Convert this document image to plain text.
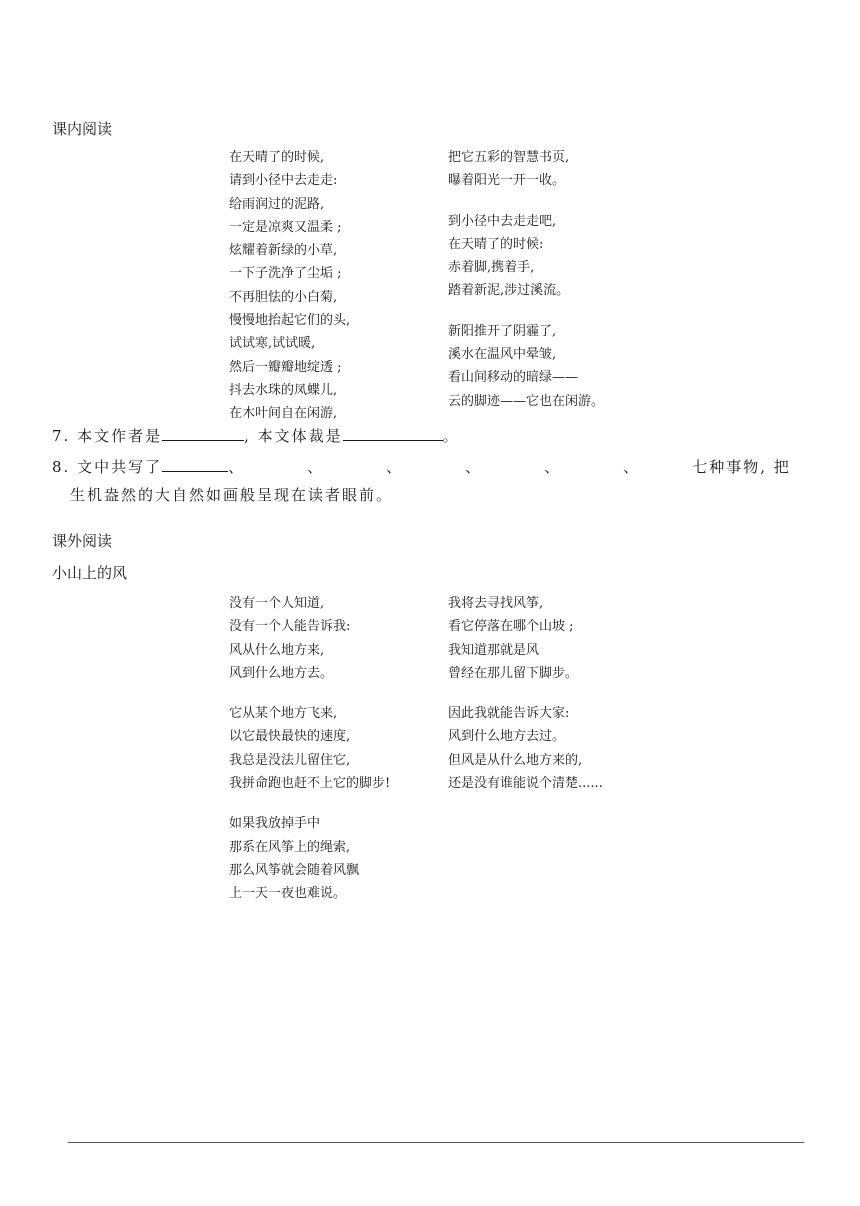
课内阅读
在天晴了的时候,
请到小径中去走走:
给雨润过的泥路,
一定是凉爽又温柔 ;
炫耀着新绿的小草,
一下子洗净了尘垢 ;
不再胆怯的小白菊,
慢慢地抬起它们的头,
试试寒,试试暖,
然后一瓣瓣地绽透 ;
抖去水珠的凤蝶儿,
在木叶间自在闲游,
把它五彩的智慧书页,
曝着阳光一开一收。
到小径中去走走吧,
在天晴了的时候:
赤着脚,携着手,
踏着新泥,涉过溪流。
新阳推开了阴霾了,
溪水在温风中晕皱,
看山间移动的暗绿——
云的脚迹——它也在闲游。
7. 本文作者是	, 本文体裁是	。
8. 文中共写了	、	、	、	、	、	、	七种事物, 把
生机盎然的大自然如画般呈现在读者眼前。
课外阅读
小山上的风
没有一个人知道,
没有一个人能告诉我:
风从什么地方来,
风到什么地方去。
它从某个地方飞来,
以它最快最快的速度,
我总是没法儿留住它,
我拼命跑也赶不上它的脚步!
如果我放掉手中
那系在风筝上的绳索,
那么风筝就会随着风飘
上一天一夜也难说。
我将去寻找风筝,
看它停落在哪个山坡 ;
我知道那就是风
曾经在那儿留下脚步。
因此我就能告诉大家:
风到什么地方去过。
但风是从什么地方来的,
还是没有谁能说个清楚......
